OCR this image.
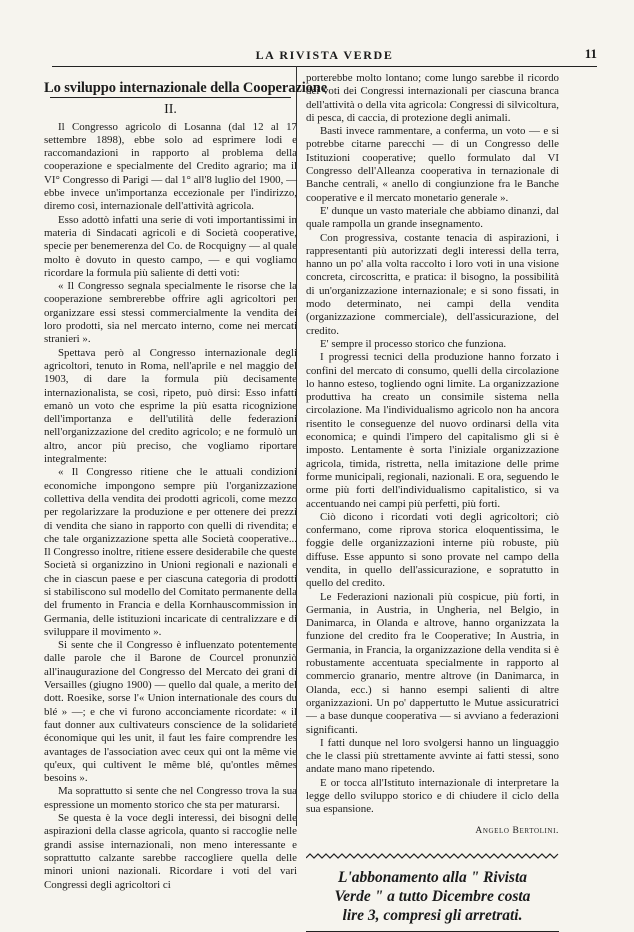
LA RIVISTA VERDE	11
Lo sviluppo internazionale della Cooperazione
II.

Il Congresso agricolo di Losanna (dal 12 al 17 settembre 1898), ebbe solo ad esprimere lodi e raccomandazioni in rapporto al problema della cooperazione e specialmente del Credito agrario; ma il VI° Congresso di Parigi — dal 1° all'8 luglio del 1900, — ebbe invece un'importanza eccezionale per l'indirizzo, diremo così, internazionale dell'attività agricola.

Esso adottò infatti una serie di voti importantissimi in materia di Sindacati agricoli e di Società cooperative, specie per benemerenza del Co. de Rocquigny — al quale molto è dovuto in questo campo, — e qui vogliamo ricordare la formula più saliente di detti voti:

« Il Congresso segnala specialmente le risorse che la cooperazione sembrerebbe offrire agli agricoltori per organizzare essi stessi commercialmente la vendita dei loro prodotti, sia nel mercato interno, come nei mercati stranieri ».

Spettava però al Congresso internazionale degli agricoltori, tenuto in Roma, nell'aprile e nel maggio del 1903, di dare la formula più decisamente internazionalista, se così, ripeto, può dirsi: Esso infatti emanò un voto che esprime la più esatta ricognizione dell'importanza e dell'utilità delle federazioni nell'organizzazione del credito agricolo; e ne formulò un altro, ancor più preciso, che vogliamo riportare integralmente:

« Il Congresso ritiene che le attuali condizioni economiche impongono sempre più l'organizzazione collettiva della vendita dei prodotti agricoli, come mezzo per regolarizzare la produzione e per ottenere dei prezzi di vendita che siano in rapporto con quelli di rivendita; e che tale organizzazione spetta alle Società cooperative... Il Congresso inoltre, ritiene essere desiderabile che queste Società si organizzino in Unioni regionali e nazionali e che in ciascun paese e per ciascuna categoria di prodotti si stabiliscono sul modello del Comitato permanente della del frumento in Francia e della Kornhauscommission in Germania, delle istituzioni incaricate di centralizzare e di sviluppare il movimento ».

Si sente che il Congresso è influenzato potentemente dalle parole che il Barone de Courcel pronunziò all'inaugurazione del Congresso del Mercato dei grani di Versailles (giugno 1900) — quello dal quale, a merito del dott. Roesike, sorse l'« Union internationale des cours du blé » —; e che vi furono acconciamente ricordate: « il faut donner aux cultivateurs conscience de la solidarieté économique qui les unit, il faut les faire comprendre les avantages de l'association avec ceux qui ont la même vie qu'eux, qui cultivent le même blé, qu'ontles mêmes besoins ».

Ma soprattutto si sente che nel Congresso trova la sua espressione un momento storico che sta per maturarsi.

Se questa è la voce degli interessi, dei bisogni delle aspirazioni della classe agricola, quanto si raccoglie nelle grandi assise internazionali, non meno interessante e soprattutto calzante sarebbe raccogliere quella delle minori unioni nazionali. Ricordare i voti del vari Congressi degli agricoltori ci

porterebbe molto lontano; come lungo sarebbe il ricordo dei voti dei Congressi internazionali per ciascuna branca dell'attività o della vita agricola: Congressi di silvicoltura, di pesca, di caccia, di protezione degli animali.

Basti invece rammentare, a conferma, un voto — e si potrebbe citarne parecchi — di un Congresso delle Istituzioni cooperative; quello formulato dal VI Congresso dell'Alleanza cooperativa in ternazionale di Banche centrali, « anello di congiunzione fra le Banche cooperative e il mercato monetario generale ».

E' dunque un vasto materiale che abbiamo dinanzi, dal quale rampolla un grande insegnamento.

Con progressiva, costante tenacia di aspirazioni, i rappresentanti più autorizzati degli interessi della terra, hanno un po' alla volta raccolto i loro voti in una visione concreta, circoscritta, e pratica: il bisogno, la possibilità di un'organizzazione internazionale; e si sono fissati, in modo determinato, nei campi della vendita (organizzazione commerciale), dell'assicurazione, del credito.

E' sempre il processo storico che funziona.

I progressi tecnici della produzione hanno forzato i confini del mercato di consumo, quelli della circolazione lo hanno esteso, togliendo ogni limite. La organizzazione produttiva ha creato un consimile sistema nella circolazione. Ma l'individualismo agricolo non ha ancora risentito le conseguenze del nuovo ordinarsi della vita economica; e quindi l'impero del capitalismo gli si è imposto. Lentamente è sorta l'iniziale organizzazione agricola, timida, ristretta, nella imitazione delle prime forme municipali, regionali, nazionali. E ora, seguendo le orme più forti dell'individualismo capitalistico, si va accentuando nei campi più perfetti, più forti.

Ciò dicono i ricordati voti degli agricoltori; ciò confermano, come riprova storica eloquentissima, le foggie delle organizzazioni interne più robuste, più diffuse. Esse appunto si sono provate nel campo della vendita, in quello dell'assicurazione, e sopratutto in quello del credito.

Le Federazioni nazionali più cospicue, più forti, in Germania, in Austria, in Ungheria, nel Belgio, in Danimarca, in Olanda e altrove, hanno organizzata la funzione del credito fra le Cooperative; In Austria, in Germania, in Francia, la organizzazione della vendita si è robustamente accentuata specialmente in rapporto al commercio granario, mentre altrove (in Danimarca, in Olanda, ecc.) si hanno esempi salienti di altre organizzazioni. Un po' dappertutto le Mutue assicuratrici — a base dunque cooperativa — si avviano a federazioni significanti.

I fatti dunque nel loro svolgersi hanno un linguaggio che le classi più strettamente avvinte ai fatti stessi, sono andate mano mano ripetendo.

E or tocca all'Istituto internazionale di interpretare la legge dello sviluppo storico e di chiudere il ciclo della sua espansione.

Angelo Bertolini.
L'abbonamento alla " Rivista
Verde " a tutto Dicembre costa
lire 3, compresi gli arretrati.
